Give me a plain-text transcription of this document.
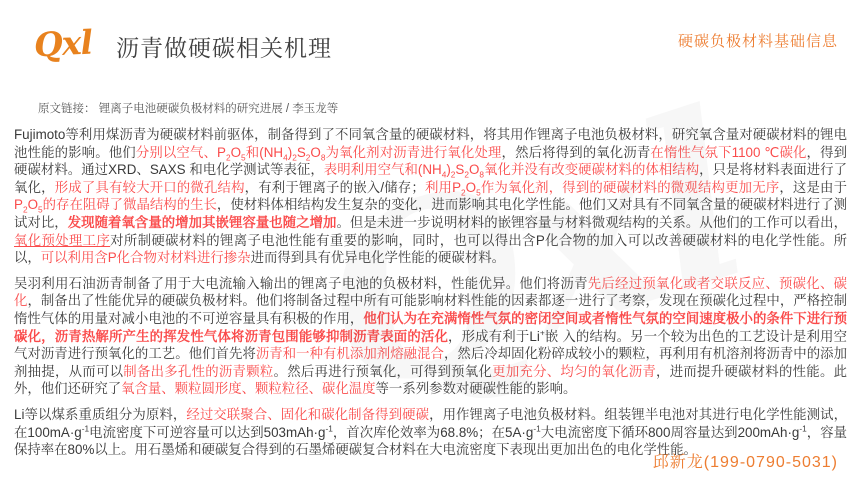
Qxl 沥青做硬碳相关机理	硬碳负极材料基础信息
原文链接： 锂离子电池硬碳负极材料的研究进展 / 李玉龙等

Fujimoto等利用煤沥青为硬碳材料前驱体，制备得到了不同氧含量的硬碳材料，将其用作锂离子电池负极材料，研究氧含量对硬碳材料的锂电池性能的影响。他们分别以空气、$P_2O_5$和$(NH_4)_2S_2O_8$为氧化剂对沥青进行氧化处理，然后将得到的氧化沥青在惰性气氛下1100 ℃碳化，得到硬碳材料。通过XRD、SAXS 和电化学测试等表征，表明利用空气和$(NH_4)_2S_2O_8$氧化并没有改变硬碳材料的体相结构，只是将材料表面进行了氧化，形成了具有较大开口的微孔结构，有利于锂离子的嵌入/储存；利用$P_2O_5$作为氧化剂，得到的硬碳材料的微观结构更加无序，这是由于$P_2O_5$的存在阻碍了微晶结构的生长，使材料体相结构发生复杂的变化，进而影响其电化学性能。他们又对具有不同氧含量的硬碳材料进行了测试对比，发现随着氧含量的增加其嵌锂容量也随之增加。但是未进一步说明材料的嵌锂容量与材料微观结构的关系。从他们的工作可以看出，氧化预处理工序对所制硬碳材料的锂离子电池性能有重要的影响，同时，也可以得出含P化合物的加入可以改善硬碳材料的电化学性能。所以，可以利用含P化合物对材料进行掺杂进而得到具有优异电化学性能的硬碳材料。

吴羽利用石油沥青制备了用于大电流输入输出的锂离子电池的负极材料，性能优异。他们将沥青先后经过预氧化或者交联反应、预碳化、碳化，制备出了性能优异的硬碳负极材料。他们将制备过程中所有可能影响材料性能的因素都逐一进行了考察，发现在预碳化过程中，严格控制惰性气体的用量对减小电池的不可逆容量具有积极的作用，他们认为在充满惰性气氛的密闭空间或者惰性气氛的空间速度极小的条件下进行预碳化，沥青热解所产生的挥发性气体将沥青包围能够抑制沥青表面的活化，形成有利于Li+嵌 入的结构。另一个较为出色的工艺设计是利用空气对沥青进行预氧化的工艺。他们首先将沥青和一种有机添加剂熔融混合，然后冷却固化粉碎成较小的颗粒，再利用有机溶剂将沥青中的添加剂抽提，从而可以制备出多孔性的沥青颗粒。然后再进行预氧化，可得到预氧化更加充分、均匀的氧化沥青，进而提升硬碳材料的性能。此外，他们还研究了氧含量、颗粒圆形度、颗粒粒径、碳化温度等一系列参数对硬碳性能的影响。

Li等以煤系重质组分为原料，经过交联聚合、固化和碳化制备得到硬碳，用作锂离子电池负极材料。组装锂半电池对其进行电化学性能测试，在$100mA\cdot g^{-1}$电流密度下可逆容量可以达到$503mAh\cdot g^{-1}$，首次库伦效率为68.8%；在$5A\cdot g^{-1}$大电流密度下循环800周容量达到$200mAh\cdot g^{-1}$，容量保持率在80%以上。用石墨烯和硬碳复合得到的石墨烯硬碳复合材料在大电流密度下表现出更加出色的电化学性能。

邱新龙(199-0790-5031)
